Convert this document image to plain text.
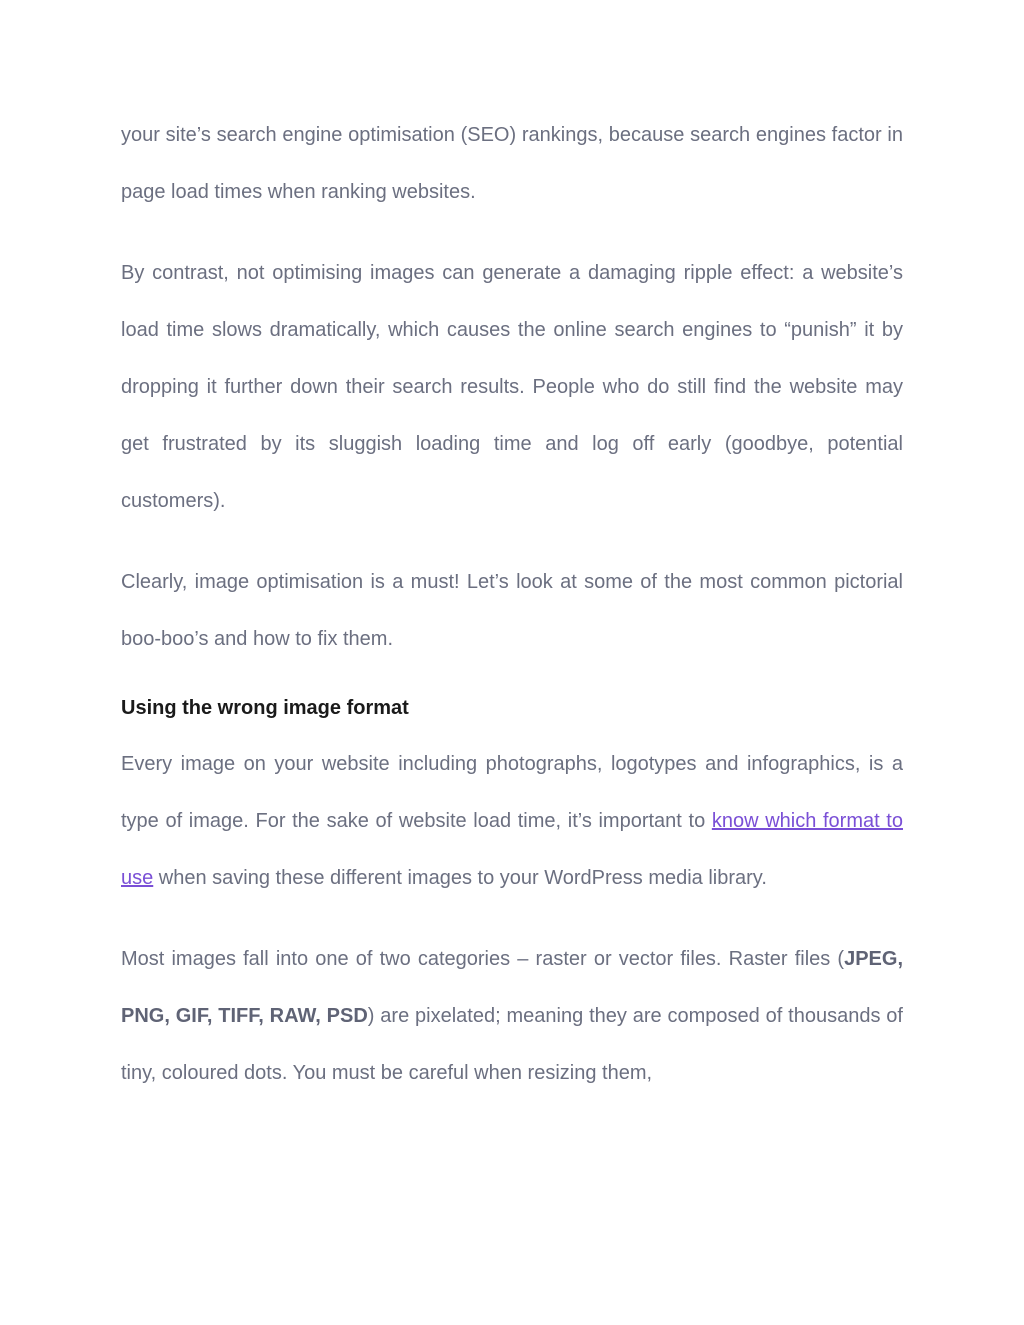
your site’s search engine optimisation (SEO) rankings, because search engines factor in page load times when ranking websites.

By contrast, not optimising images can generate a damaging ripple effect: a website’s load time slows dramatically, which causes the online search engines to “punish” it by dropping it further down their search results. People who do still find the website may get frustrated by its sluggish loading time and log off early (goodbye, potential customers).

Clearly, image optimisation is a must! Let’s look at some of the most common pictorial boo-boo’s and how to fix them.

Using the wrong image format

Every image on your website including photographs, logotypes and infographics, is a type of image. For the sake of website load time, it’s important to know which format to use when saving these different images to your WordPress media library.

Most images fall into one of two categories – raster or vector files. Raster files (JPEG, PNG, GIF, TIFF, RAW, PSD) are pixelated; meaning they are composed of thousands of tiny, coloured dots. You must be careful when resizing them,
